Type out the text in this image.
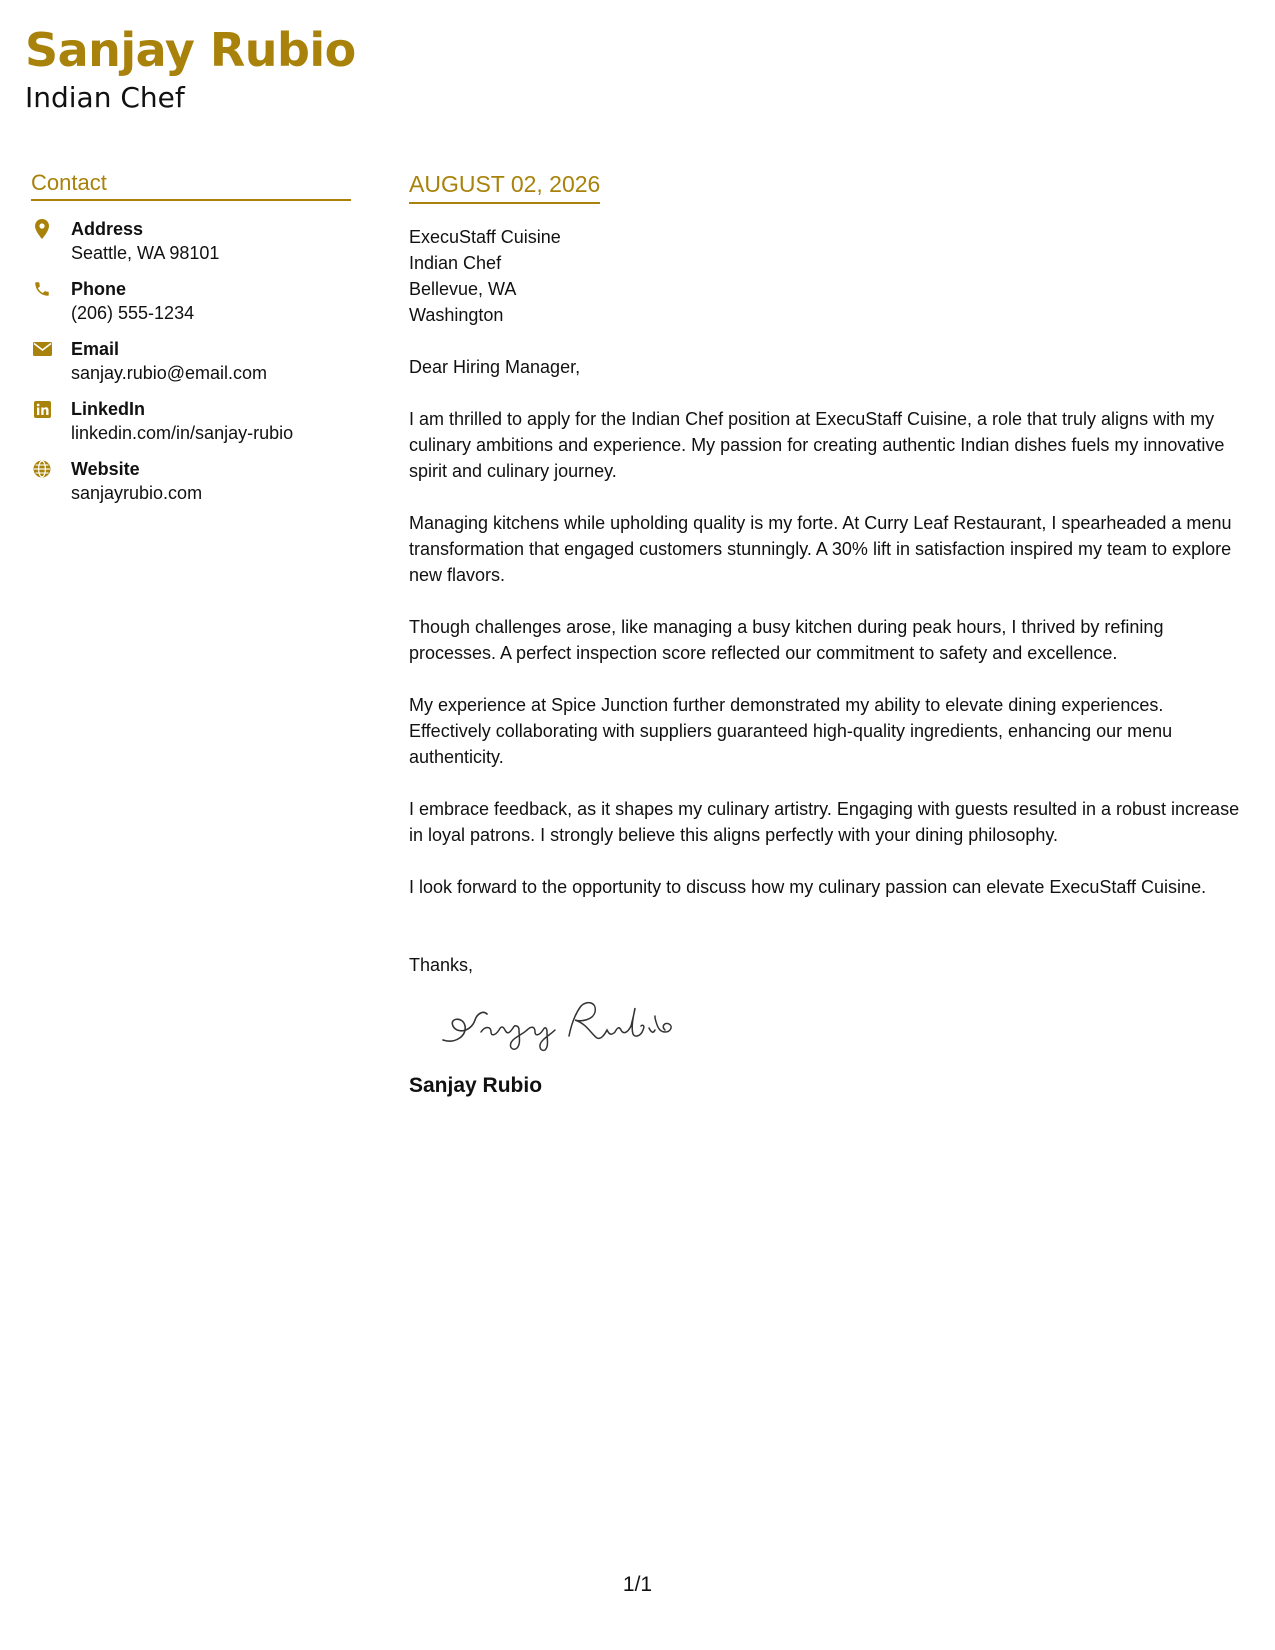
Sanjay Rubio
Indian Chef
Contact
Address
Seattle, WA 98101
Phone
(206) 555-1234
Email
sanjay.rubio@email.com
LinkedIn
linkedin.com/in/sanjay-rubio
Website
sanjayrubio.com
AUGUST 02, 2026
ExecuStaff Cuisine
Indian Chef
Bellevue, WA
Washington
Dear Hiring Manager,

I am thrilled to apply for the Indian Chef position at ExecuStaff Cuisine, a role that truly aligns with my culinary ambitions and experience. My passion for creating authentic Indian dishes fuels my innovative spirit and culinary journey.

Managing kitchens while upholding quality is my forte. At Curry Leaf Restaurant, I spearheaded a menu transformation that engaged customers stunningly. A 30% lift in satisfaction inspired my team to explore new flavors.

Though challenges arose, like managing a busy kitchen during peak hours, I thrived by refining processes. A perfect inspection score reflected our commitment to safety and excellence.

My experience at Spice Junction further demonstrated my ability to elevate dining experiences. Effectively collaborating with suppliers guaranteed high-quality ingredients, enhancing our menu authenticity.

I embrace feedback, as it shapes my culinary artistry. Engaging with guests resulted in a robust increase in loyal patrons. I strongly believe this aligns perfectly with your dining philosophy.

I look forward to the opportunity to discuss how my culinary passion can elevate ExecuStaff Cuisine.

Thanks,
Sanjay Rubio
1/1
